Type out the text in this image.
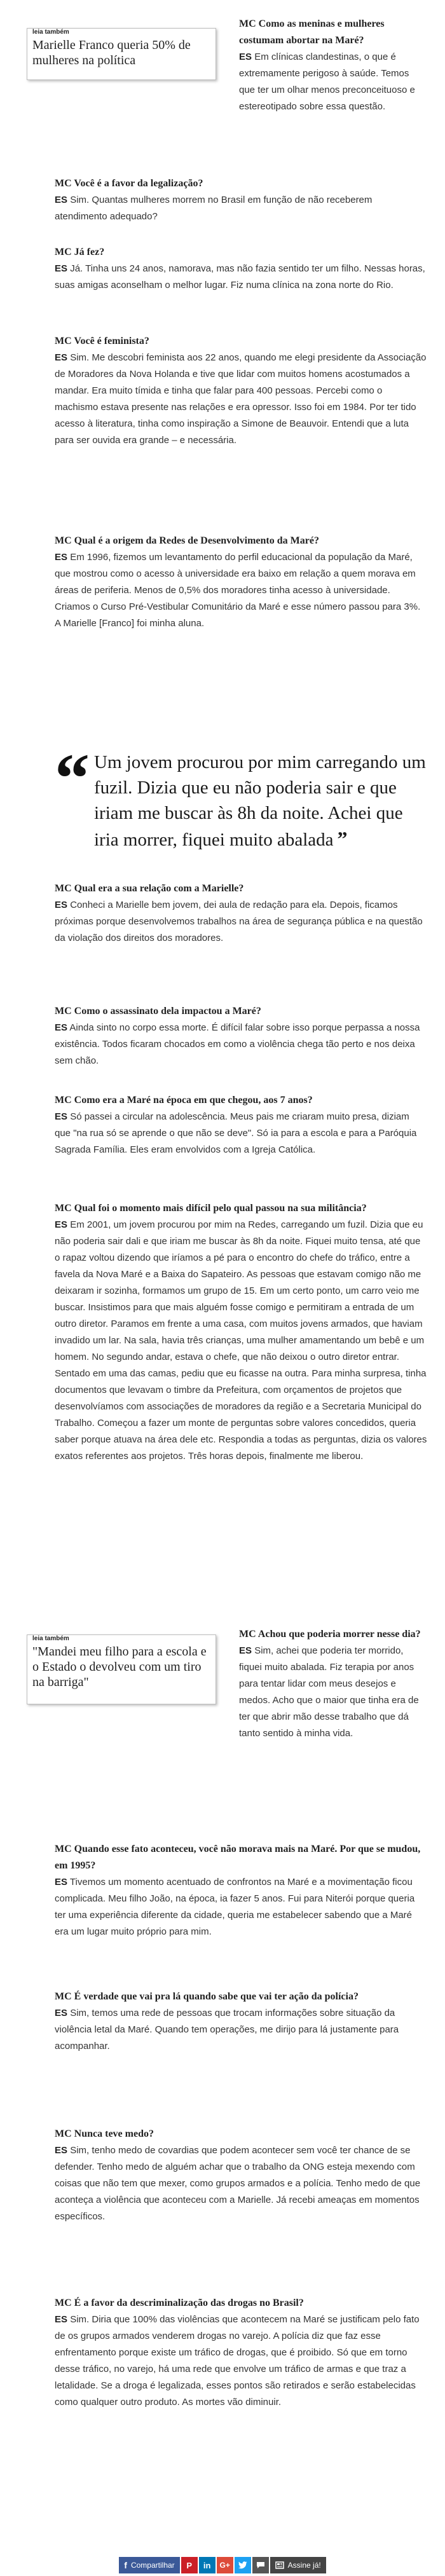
leia também
Marielle Franco queria 50% de mulheres na política

MC Como as meninas e mulheres costumam abortar na Maré?

ES Em clínicas clandestinas, o que é extremamente perigoso à saúde. Temos que ter um olhar menos preconceituoso e estereotipado sobre essa questão.

MC Você é a favor da legalização?

ES Sim. Quantas mulheres morrem no Brasil em função de não receberem atendimento adequado?

MC Já fez?

ES Já. Tinha uns 24 anos, namorava, mas não fazia sentido ter um filho. Nessas horas, suas amigas aconselham o melhor lugar. Fiz numa clínica na zona norte do Rio.

MC Você é feminista?

ES Sim. Me descobri feminista aos 22 anos, quando me elegi presidente da Associação de Moradores da Nova Holanda e tive que lidar com muitos homens acostumados a mandar. Era muito tímida e tinha que falar para 400 pessoas. Percebi como o machismo estava presente nas relações e era opressor. Isso foi em 1984. Por ter tido acesso à literatura, tinha como inspiração a Simone de Beauvoir. Entendi que a luta para ser ouvida era grande – e necessária.

MC Qual é a origem da Redes de Desenvolvimento da Maré?

ES Em 1996, fizemos um levantamento do perfil educacional da população da Maré, que mostrou como o acesso à universidade era baixo em relação a quem morava em áreas de periferia. Menos de 0,5% dos moradores tinha acesso à universidade. Criamos o Curso Pré-Vestibular Comunitário da Maré e esse número passou para 3%. A Marielle [Franco] foi minha aluna.

“ Um jovem procurou por mim carregando um fuzil. Dizia que eu não poderia sair e que iriam me buscar às 8h da noite. Achei que iria morrer, fiquei muito abalada ”

MC Qual era a sua relação com a Marielle?

ES Conheci a Marielle bem jovem, dei aula de redação para ela. Depois, ficamos próximas porque desenvolvemos trabalhos na área de segurança pública e na questão da violação dos direitos dos moradores.

MC Como o assassinato dela impactou a Maré?

ES Ainda sinto no corpo essa morte. É difícil falar sobre isso porque perpassa a nossa existência. Todos ficaram chocados em como a violência chega tão perto e nos deixa sem chão.

MC Como era a Maré na época em que chegou, aos 7 anos?

ES Só passei a circular na adolescência. Meus pais me criaram muito presa, diziam que "na rua só se aprende o que não se deve". Só ia para a escola e para a Paróquia Sagrada Família. Eles eram envolvidos com a Igreja Católica.

MC Qual foi o momento mais difícil pelo qual passou na sua militância?

ES Em 2001, um jovem procurou por mim na Redes, carregando um fuzil. Dizia que eu não poderia sair dali e que iriam me buscar às 8h da noite. Fiquei muito tensa, até que o rapaz voltou dizendo que iríamos a pé para o encontro do chefe do tráfico, entre a favela da Nova Maré e a Baixa do Sapateiro. As pessoas que estavam comigo não me deixaram ir sozinha, formamos um grupo de 15. Em um certo ponto, um carro veio me buscar. Insistimos para que mais alguém fosse comigo e permitiram a entrada de um outro diretor. Paramos em frente a uma casa, com muitos jovens armados, que haviam invadido um lar. Na sala, havia três crianças, uma mulher amamentando um bebê e um homem. No segundo andar, estava o chefe, que não deixou o outro diretor entrar. Sentado em uma das camas, pediu que eu ficasse na outra. Para minha surpresa, tinha documentos que levavam o timbre da Prefeitura, com orçamentos de projetos que desenvolvíamos com associações de moradores da região e a Secretaria Municipal do Trabalho. Começou a fazer um monte de perguntas sobre valores concedidos, queria saber porque atuava na área dele etc. Respondia a todas as perguntas, dizia os valores exatos referentes aos projetos. Três horas depois, finalmente me liberou.

leia também
"Mandei meu filho para a escola e o Estado o devolveu com um tiro na barriga"

MC Achou que poderia morrer nesse dia?

ES Sim, achei que poderia ter morrido, fiquei muito abalada. Fiz terapia por anos para tentar lidar com meus desejos e medos. Acho que o maior que tinha era de ter que abrir mão desse trabalho que dá tanto sentido à minha vida.

MC Quando esse fato aconteceu, você não morava mais na Maré. Por que se mudou, em 1995?

ES Tivemos um momento acentuado de confrontos na Maré e a movimentação ficou complicada. Meu filho João, na época, ia fazer 5 anos. Fui para Niterói porque queria ter uma experiência diferente da cidade, queria me estabelecer sabendo que a Maré era um lugar muito próprio para mim.

MC É verdade que vai pra lá quando sabe que vai ter ação da polícia?

ES Sim, temos uma rede de pessoas que trocam informações sobre situação da violência letal da Maré. Quando tem operações, me dirijo para lá justamente para acompanhar.

MC Nunca teve medo?

ES Sim, tenho medo de covardias que podem acontecer sem você ter chance de se defender. Tenho medo de alguém achar que o trabalho da ONG esteja mexendo com coisas que não tem que mexer, como grupos armados e a polícia. Tenho medo de que aconteça a violência que aconteceu com a Marielle. Já recebi ameaças em momentos específicos.

MC É a favor da descriminalização das drogas no Brasil?

ES Sim. Diria que 100% das violências que acontecem na Maré se justificam pelo fato de os grupos armados venderem drogas no varejo. A polícia diz que faz esse enfrentamento porque existe um tráfico de drogas, que é proibido. Só que em torno desse tráfico, no varejo, há uma rede que envolve um tráfico de armas e que traz a letalidade. Se a droga é legalizada, esses pontos são retirados e serão estabelecidas como qualquer outro produto. As mortes vão diminuir.

f Compartilhar P in G+	Assine já!
